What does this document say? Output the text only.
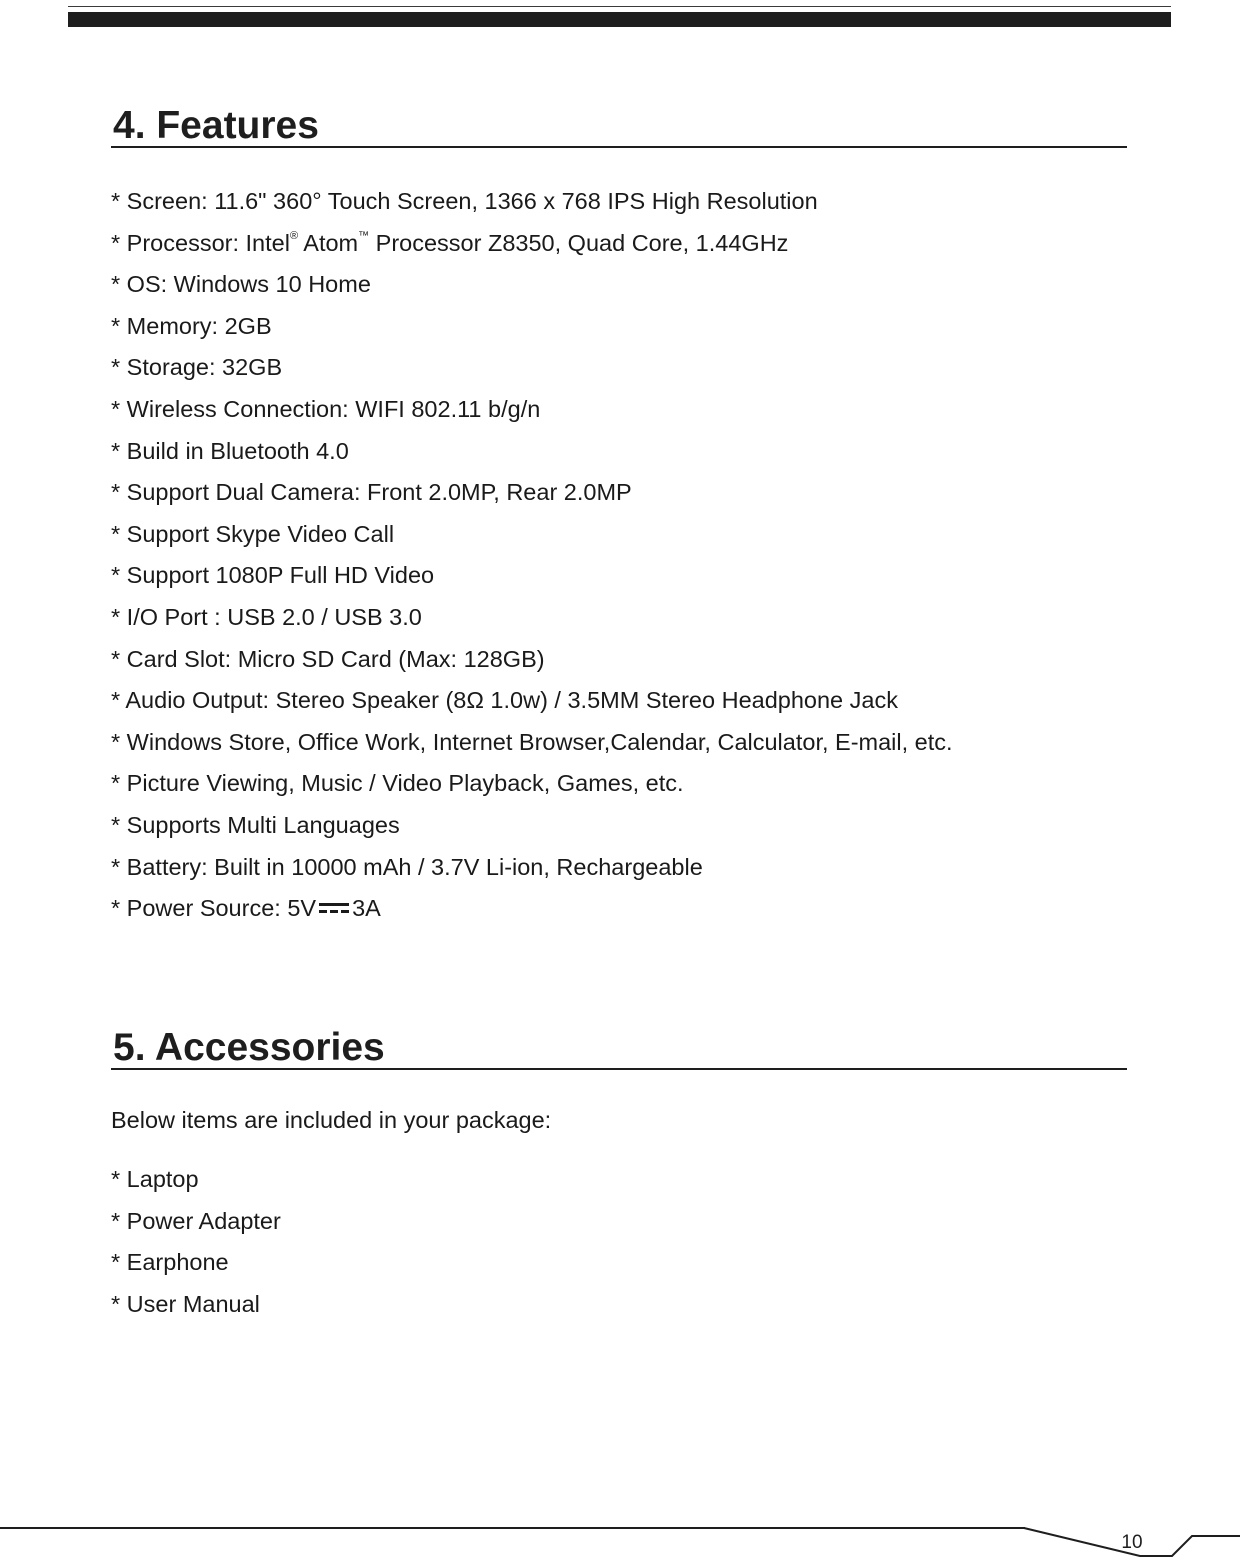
4. Features
* Screen: 11.6" 360° Touch Screen, 1366 x 768 IPS High Resolution
* Processor: Intel® Atom™ Processor Z8350, Quad Core, 1.44GHz
* OS: Windows 10 Home
* Memory: 2GB
* Storage: 32GB
* Wireless Connection: WIFI 802.11 b/g/n
* Build in Bluetooth 4.0
* Support Dual Camera: Front 2.0MP, Rear 2.0MP
* Support Skype Video Call
* Support 1080P Full HD Video
* I/O Port : USB 2.0 / USB 3.0
* Card Slot: Micro SD Card (Max: 128GB)
* Audio Output: Stereo Speaker (8Ω 1.0w) / 3.5MM Stereo Headphone Jack
* Windows Store, Office Work, Internet Browser,Calendar, Calculator, E-mail, etc.
* Picture Viewing, Music / Video Playback, Games, etc.
* Supports Multi Languages
* Battery: Built in 10000 mAh / 3.7V Li-ion, Rechargeable
* Power Source: 5V 3A
5. Accessories
Below items are included in your package:
* Laptop
* Power Adapter
* Earphone
* User Manual
10
